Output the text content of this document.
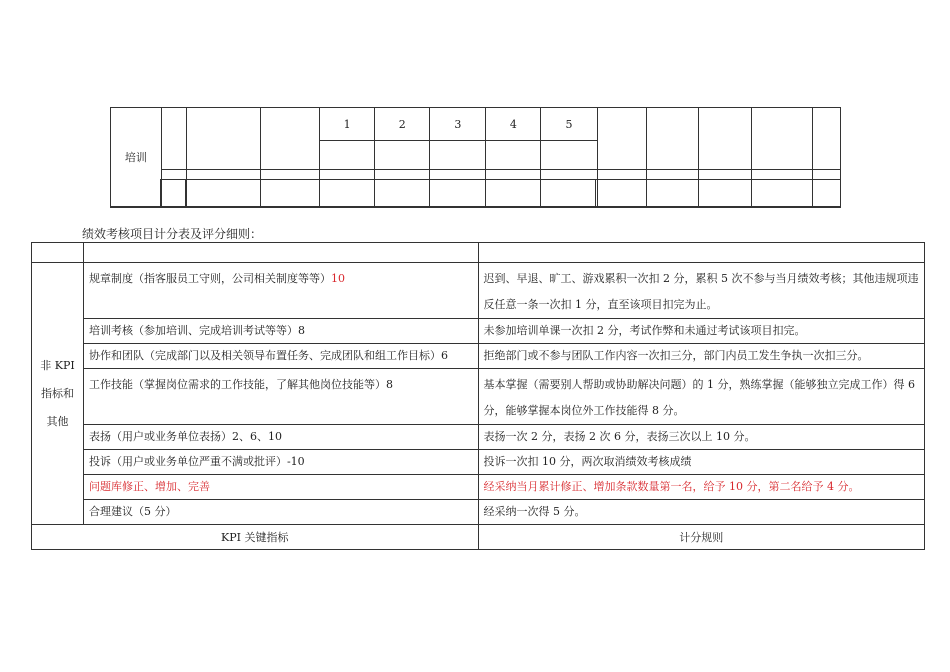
培训				1	2	3	4	5					

绩效考核项目计分表及评分细则：

非 KPI 指标和 其他	规章制度（指客服员工守则，公司相关制度等等）10	迟到、早退、旷工、游戏累积一次扣 2 分，累积 5 次不参与当月绩效考核；其他违规项违反任意一条一次扣 1 分，直至该项目扣完为止。

	培训考核（参加培训、完成培训考试等等）8	未参加培训单课一次扣 2 分，考试作弊和未通过考试该项目扣完。

	协作和团队（完成部门以及相关领导布置任务、完成团队和组工作目标）6	拒绝部门或不参与团队工作内容一次扣三分，部门内员工发生争执一次扣三分。

	工作技能（掌握岗位需求的工作技能，了解其他岗位技能等）8	基本掌握（需要别人帮助或协助解决问题）的 1 分，熟练掌握（能够独立完成工作）得 6 分，能够掌握本岗位外工作技能得 8 分。

	表扬（用户或业务单位表扬）2、6、10	表扬一次 2 分，表扬 2 次 6 分，表扬三次以上 10 分。

	投诉（用户或业务单位严重不满或批评）-10	投诉一次扣 10 分，两次取消绩效考核成绩

	问题库修正、增加、完善	经采纳当月累计修正、增加条款数量第一名，给予 10 分，第二名给予 4 分。

	合理建议（5 分）	经采纳一次得 5 分。

KPI 关键指标		计分规则
